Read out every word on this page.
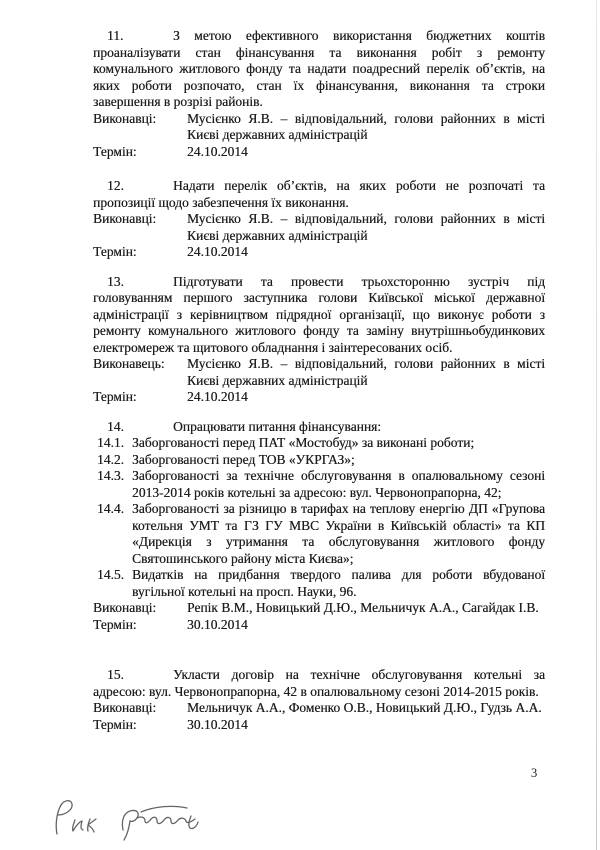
11.	З метою ефективного використання бюджетних коштів проаналізувати стан фінансування та виконання робіт з ремонту комунального житлового фонду та надати поадресний перелік об’єктів, на яких роботи розпочато, стан їх фінансування, виконання та строки завершення в розрізі районів.

Виконавці:	Мусієнко Я.В. – відповідальний, голови районних в місті Києві державних адміністрацій
Термін:	24.10.2014

12.	Надати перелік об’єктів, на яких роботи не розпочаті та пропозиції щодо забезпечення їх виконання.

Виконавці:	Мусієнко Я.В. – відповідальний, голови районних в місті Києві державних адміністрацій
Термін:	24.10.2014

13.	Підготувати та провести трьохсторонню зустріч під головуванням першого заступника голови Київської міської державної адміністрації з керівництвом підрядної організації, що виконує роботи з ремонту комунального житлового фонду та заміну внутрішньобудинкових електромереж та щитового обладнання і заінтересованих осіб.

Виконавець:	Мусієнко Я.В. – відповідальний, голови районних в місті Києві державних адміністрацій
Термін:	24.10.2014

14.	Опрацювати питання фінансування:

14.1. Заборгованості перед ПАТ «Мостобуд» за виконані роботи;
14.2. Заборгованості перед ТОВ «УКРГАЗ»;
14.3. Заборгованості за технічне обслуговування в опалювальному сезоні 2013-2014 років котельні за адресою: вул. Червонопрапорна, 42;
14.4. Заборгованості за різницю в тарифах на теплову енергію ДП «Групова котельня УМТ та ГЗ ГУ МВС України в Київській області» та КП «Дирекція з утримання та обслуговування житлового фонду Святошинського району міста Києва»;
14.5. Видатків на придбання твердого палива для роботи вбудованої вугільної котельні на просп. Науки, 96.
Виконавці:	Репік В.М., Новицький Д.Ю., Мельничук А.А., Сагайдак І.В.
Термін:	30.10.2014

15.	Укласти договір на технічне обслуговування котельні за адресою: вул. Червонопрапорна, 42 в опалювальному сезоні 2014-2015 років.

Виконавці:	Мельничук А.А., Фоменко О.В., Новицький Д.Ю., Гудзь А.А.
Термін:	30.10.2014
3
